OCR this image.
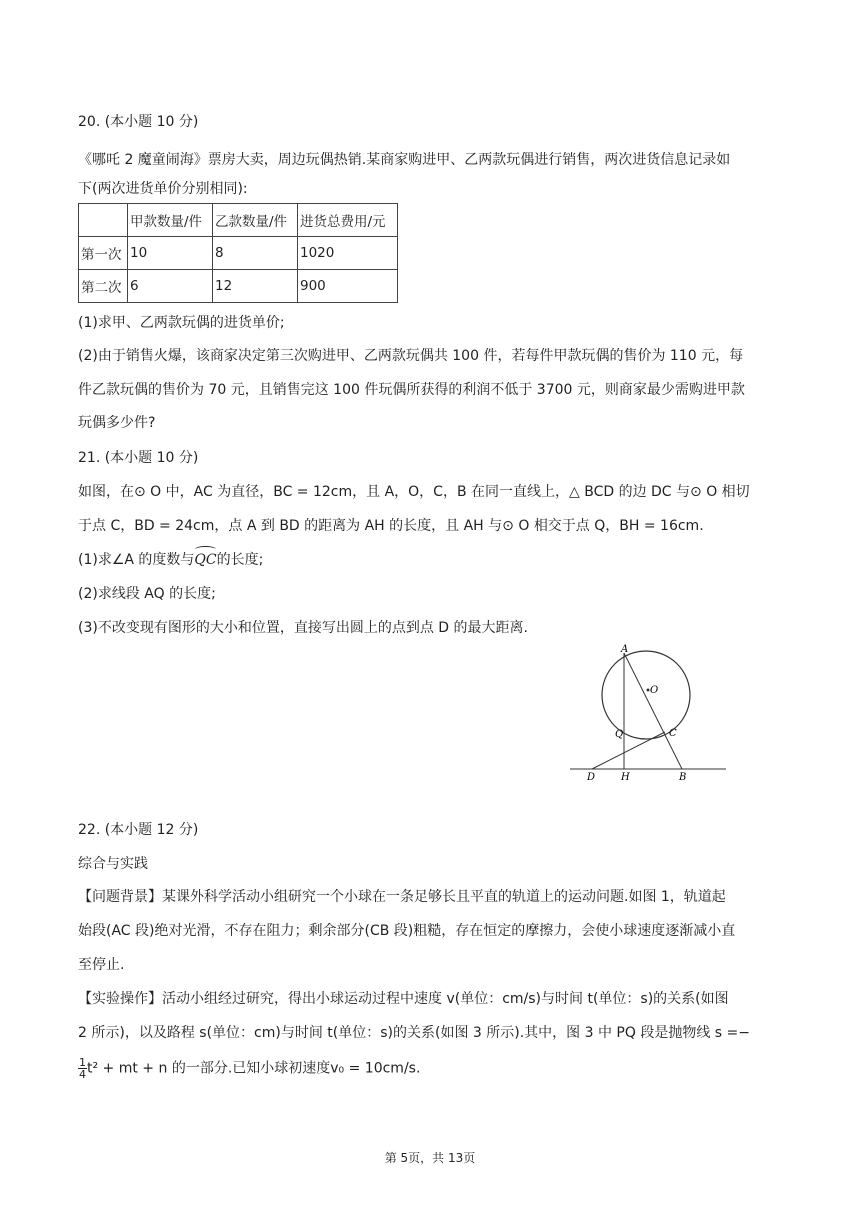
20. (本小题 10 分)
《哪吒 2 魔童闹海》票房大卖，周边玩偶热销.某商家购进甲、乙两款玩偶进行销售，两次进货信息记录如
下(两次进货单价分别相同):
	甲款数量/件	乙款数量/件	进货总费用/元
第一次	10	8	1020
第二次	6	12	900
(1)求甲、乙两款玩偶的进货单价;
(2)由于销售火爆，该商家决定第三次购进甲、乙两款玩偶共 100 件，若每件甲款玩偶的售价为 110 元，每
件乙款玩偶的售价为 70 元，且销售完这 100 件玩偶所获得的利润不低于 3700 元，则商家最少需购进甲款
玩偶多少件?
21. (本小题 10 分)
如图，在⊙ O 中，AC 为直径，BC = 12cm，且 A，O，C，B 在同一直线上，△ BCD 的边 DC 与⊙ O 相切
于点 C，BD = 24cm，点 A 到 BD 的距离为 AH 的长度，且 AH 与⊙ O 相交于点 Q，BH = 16cm.
(1)求∠A 的度数与
QC的长度;
(2)求线段 AQ 的长度;
(3)不改变现有图形的大小和位置，直接写出圆上的点到点 D 的最大距离.
A
O
Q	C
D	H	B
22. (本小题 12 分)
综合与实践
【问题背景】某课外科学活动小组研究一个小球在一条足够长且平直的轨道上的运动问题.如图 1，轨道起
始段(AC 段)绝对光滑，不存在阻力；剩余部分(CB 段)粗糙，存在恒定的摩擦力，会使小球速度逐渐减小直
至停止.
【实验操作】活动小组经过研究，得出小球运动过程中速度 v(单位：cm/s)与时间 t(单位：s)的关系(如图
2 所示)，以及路程 s(单位：cm)与时间 t(单位：s)的关系(如图 3 所示).其中，图 3 中 PQ 段是抛物线 s =−
$\frac{1}{4} t^2$ + mt + n 的一部分.已知小球初速度v₀ = 10cm/s.
第 5页，共 13页
